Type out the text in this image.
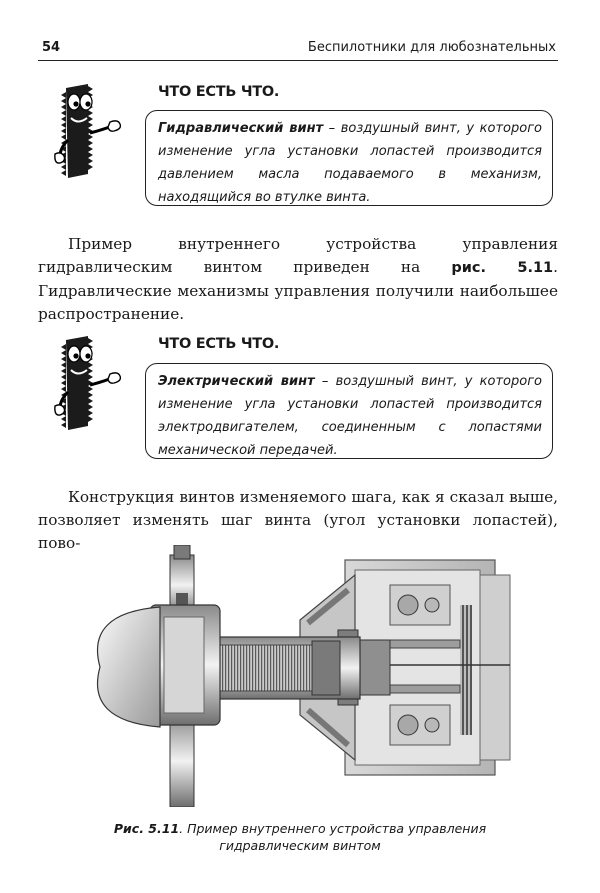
54	Беспилотники для любознательных
ЧТО ЕСТЬ ЧТО.
Гидравлический винт – воздушный винт, у которого изменение угла установки лопастей производится давлением масла подаваемого в механизм, находящийся во втулке винта.
Пример внутреннего устройства управления гидравлическим винтом приведен на рис. 5.11. Гидравлические механизмы управления получили наибольшее распространение.
ЧТО ЕСТЬ ЧТО.
Электрический винт – воздушный винт, у которого изменение угла установки лопастей производится электродвигателем, соединенным с лопастями механической передачей.
Конструкция винтов изменяемого шага, как я сказал выше, позволяет изменять шаг винта (угол установки лопастей), пово-
Рис. 5.11. Пример внутреннего устройства управления гидравлическим винтом
